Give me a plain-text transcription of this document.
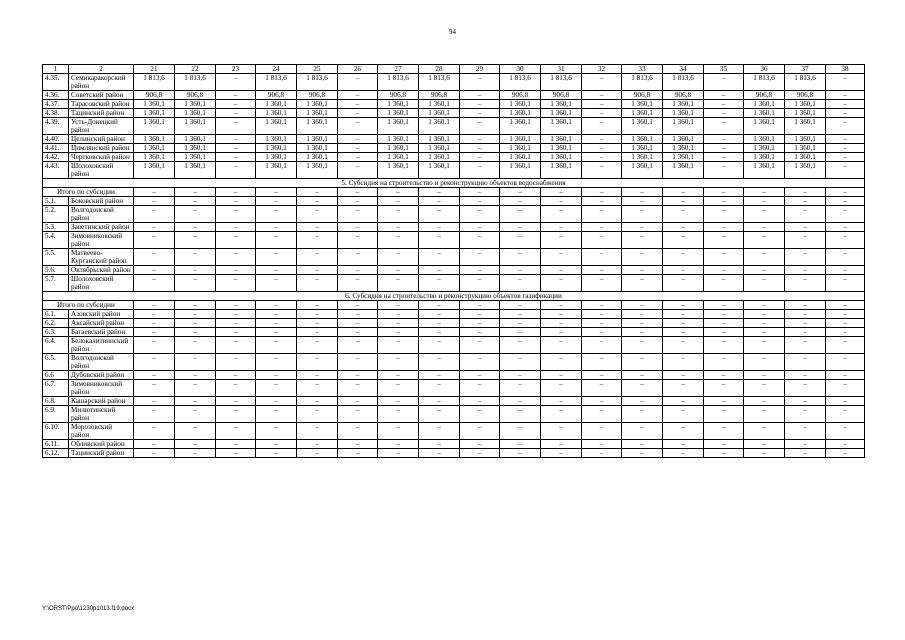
94
1	2	21	22	23	24	25	26	27	28	29	30	31	32	33	34	35	36	37	38
4.35.	Семикаракорский район	1 813,6	1 813,6	–	1 813,6	1 813,6	–	1 813,6	1 813,6	–	1 813,6	1 813,6	–	1 813,6	1 813,6	–	1 813,6	1 813,6	–
4.36.	Советский район	906,8	906,8	–	906,8	906,8	–	906,8	906,8	–	906,8	906,8	–	906,8	906,8	–	906,8	906,8	–
4.37.	Тарасовский район	1 360,1	1 360,1	–	1 360,1	1 360,1	–	1 360,1	1 360,1	–	1 360,1	1 360,1	–	1 360,1	1 360,1	–	1 360,1	1 360,1	–
4.38.	Тацинский район	1 360,1	1 360,1	–	1 360,1	1 360,1	–	1 360,1	1 360,1	–	1 360,1	1 360,1	–	1 360,1	1 360,1	–	1 360,1	1 360,1	–
4.39.	Усть-Донецкий район	1 360,1	1 360,1	–	1 360,1	1 360,1	–	1 360,1	1 360,1	–	1 360,1	1 360,1	–	1 360,1	1 360,1	–	1 360,1	1 360,1	–
4.40.	Целинский район	1 360,1	1 360,1	–	1 360,1	1 360,1	–	1 360,1	1 360,1	–	1 360,1	1 360,1	–	1 360,1	1 360,1	–	1 360,1	1 360,1	–
4.41.	Цимлянский район	1 360,1	1 360,1	–	1 360,1	1 360,1	–	1 360,1	1 360,1	–	1 360,1	1 360,1	–	1 360,1	1 360,1	–	1 360,1	1 360,1	–
4.42.	Чертковский район	1 360,1	1 360,1	–	1 360,1	1 360,1	–	1 360,1	1 360,1	–	1 360,1	1 360,1	–	1 360,1	1 360,1	–	1 360,1	1 360,1	–
4.43.	Шолоховский район	1 360,1	1 360,1	–	1 360,1	1 360,1	–	1 360,1	1 360,1	–	1 360,1	1 360,1	–	1 360,1	1 360,1	–	1 360,1	1 360,1	–
5. Субсидия на строительство и реконструкцию объектов водоснабжения																			
Итого по субсидии		–	–	–	–	–	–	–	–	–	–	–	–	–	–	–	–	–	–
5.1.	Боковский район	–	–	–	–	–	–	–	–	–	–	–	–	–	–	–	–	–	–
5.2.	Волгодонской район	–	–	–	–	–	–	–	–	–	–	–	–	–	–	–	–	–	–
5.3.	Заветинский район	–	–	–	–	–	–	–	–	–	–	–	–	–	–	–	–	–	–
5.4.	Зимовниковский район	–	–	–	–	–	–	–	–	–	–	–	–	–	–	–	–	–	–
5.5.	Матвеево-Курганский район	–	–	–	–	–	–	–	–	–	–	–	–	–	–	–	–	–	–
5.6.	Октябрьский район	–	–	–	–	–	–	–	–	–	–	–	–	–	–	–	–	–	–
5.7.	Шолоховский район	–	–	–	–	–	–	–	–	–	–	–	–	–	–	–	–	–	–
6. Субсидия на строительство и реконструкцию объектов газификации																			
Итого по субсидии		–	–	–	–	–	–	–	–	–	–	–	–	–	–	–	–	–	–
6.1.	Азовский район	–	–	–	–	–	–	–	–	–	–	–	–	–	–	–	–	–	–
6.2.	Аксайский район	–	–	–	–	–	–	–	–	–	–	–	–	–	–	–	–	–	–
6.3.	Багаевский район	–	–	–	–	–	–	–	–	–	–	–	–	–	–	–	–	–	–
6.4.	Белокалитвинский район	–	–	–	–	–	–	–	–	–	–	–	–	–	–	–	–	–	–
6.5.	Волгодонской район	–	–	–	–	–	–	–	–	–	–	–	–	–	–	–	–	–	–
6.6	Дубовский район	–	–	–	–	–	–	–	–	–	–	–	–	–	–	–	–	–	–
6.7.	Зимовниковский район	–	–	–	–	–	–	–	–	–	–	–	–	–	–	–	–	–	–
6.8.	Кашарский район	–	–	–	–	–	–	–	–	–	–	–	–	–	–	–	–	–	–
6.9.	Милютинский район	–	–	–	–	–	–	–	–	–	–	–	–	–	–	–	–	–	–
6.10.	Морозовский район	–	–	–	–	–	–	–	–	–	–	–	–	–	–	–	–	–	–
6.11.	Обливский район	–	–	–	–	–	–	–	–	–	–	–	–	–	–	–	–	–	–
6.12.	Тацинский район	–	–	–	–	–	–	–	–	–	–	–	–	–	–	–	–	–	–
Y:\ORST\Ppo\1230p1013.f19.docx
